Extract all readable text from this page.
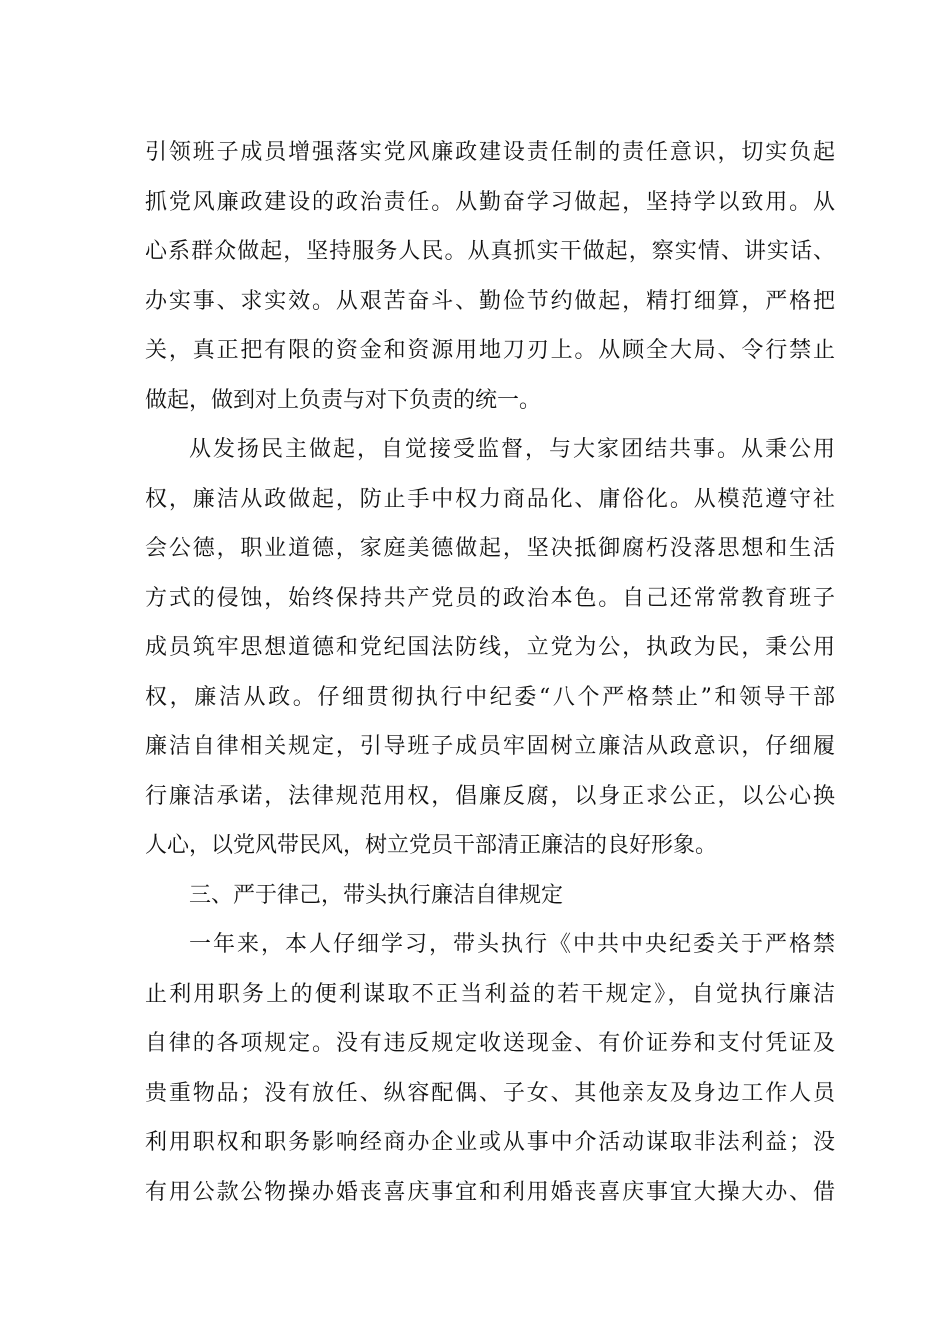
引领班子成员增强落实党风廉政建设责任制的责任意识，切实负起
抓党风廉政建设的政治责任。从勤奋学习做起，坚持学以致用。从
心系群众做起，坚持服务人民。从真抓实干做起，察实情、讲实话、
办实事、求实效。从艰苦奋斗、勤俭节约做起，精打细算，严格把
关，真正把有限的资金和资源用地刀刃上。从顾全大局、令行禁止
做起，做到对上负责与对下负责的统一。
从发扬民主做起，自觉接受监督，与大家团结共事。从秉公用
权，廉洁从政做起，防止手中权力商品化、庸俗化。从模范遵守社
会公德，职业道德，家庭美德做起，坚决抵御腐朽没落思想和生活
方式的侵蚀，始终保持共产党员的政治本色。自己还常常教育班子
成员筑牢思想道德和党纪国法防线，立党为公，执政为民，秉公用
权，廉洁从政。仔细贯彻执行中纪委“八个严格禁止”和领导干部
廉洁自律相关规定，引导班子成员牢固树立廉洁从政意识，仔细履
行廉洁承诺，法律规范用权，倡廉反腐，以身正求公正，以公心换
人心，以党风带民风，树立党员干部清正廉洁的良好形象。
三、严于律己，带头执行廉洁自律规定
一年来，本人仔细学习，带头执行《中共中央纪委关于严格禁
止利用职务上的便利谋取不正当利益的若干规定》，自觉执行廉洁
自律的各项规定。没有违反规定收送现金、有价证券和支付凭证及
贵重物品；没有放任、纵容配偶、子女、其他亲友及身边工作人员
利用职权和职务影响经商办企业或从事中介活动谋取非法利益；没
有用公款公物操办婚丧喜庆事宜和利用婚丧喜庆事宜大操大办、借
